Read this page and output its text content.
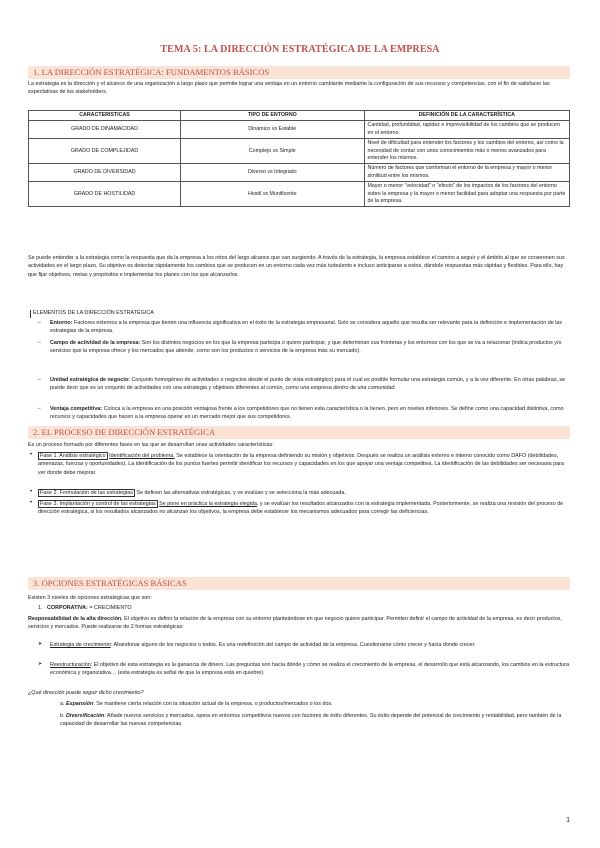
TEMA 5: LA DIRECCIÓN ESTRATÉGICA DE LA EMPRESA
1. LA DIRECCIÓN ESTRATÉGICA: FUNDAMENTOS BÁSICOS
La estrategia es la dirección y el alcance de una organización a largo plazo que permite lograr una ventaja en un entorno cambiante mediante la configuración de sus recursos y competencias, con el fin de satisfacer las expectativas de los stakeholders.
CARACTERISTICAS	TIPO DE ENTORNO	DEFINICIÓN DE LA CARACTERÍSTICA
GRADO DE DINAMACIDAD	Dinámico vs Estable	Cantidad, profundidad, rapidez e imprevisibilidad de los cambios que se producen en el entorno.
GRADO DE COMPLEJIDAD	Complejo vs Simple	Nivel de dificultad para entender los factores y los cambios del entorno, así como la necesidad de contar con unos conocimientos más o menos avanzados para entender los mismos.
GRADO DE DIVERSIDAD	Diverso vs Integrado	Número de factores que conforman el entorno de la empresa y mayor o menor similitud entre los mismos.
GRADO DE HOSTILIDAD	Hostil vs Munificente	Mayor o menor "velocidad" o "efecto" de los impactos de los factores del entorno sobre la empresa y la mayor o menor facilidad para adoptar una respuesta por parte de la empresa.
Se puede entender a la estrategia como la respuesta que da la empresa a los retos del largo alcance que van surgiendo. A través de la estrategia, la empresa establece el camino a seguir y el ámbito al que se corserenen sus actividades en el largo plazo. Su objetivo es detectar rápidamente los cambios que se producen en un entorno cada vez más turbulento e incluso anticiparse a estos, dándole respuestas más rápidas y flexibles. Para ello, hay que fijar objetivos, metas y propósitos e implementar los planes con los que alcanzarlos.
ELEMENTOS DE LA DIRECCIÓN ESTRATÉGICA
→ Entorno: Factores externos a la empresa que tienen una influencia significativa en el éxito de la estrategia empresarial. Solo se considera aquello que resulta ser relevante para la definición e implementación de las estrategias de la empresa.
→ Campo de actividad de la empresa: Son los distintos negocios en los que la empresa participa o quiero participar, y que determinan sus fronteras y los entornos con los que se va a relacionar (indica productos y/o servicios que la empresa ofrece y los mercados que atiende, como son los productos o servicios de la empresa más su mercado).
→ Unidad estratégica de negocio: Conjunto homogéneo de actividades o negocios desde el punto de vista estratégico) para el cual es posible formular una estrategia común, y a la vez diferente. En otras palabras, se puede decir que es un conjunto de actividades con una estrategia y objetivos diferentes al común, como una empresa dentro de una comunidad.
→ Ventaja competitiva: Coloca a la empresa en una posición ventajosa frente a los competidores que no tienen esta característica o la tienen, pero en niveles inferiores. Se define como una capacidad distintiva, como recursos y capacidades que hacen a la empresa operar en un mercado mejor que sus competidores.
2. EL PROCESO DE DIRECCIÓN ESTRATÉGICA
Es un proceso formado por diferentes fases en las que se desarrollan unas actividades características:
•	Fase 1. Análisis estratégico Identificación del problema. Se establece la orientación de la empresa definiendo su misión y objetivos. Después se realiza un análisis externo e interno conocido como DAFO (debilidades, amenazas, fuerzas y oportunidades). La identificación de los puntos fuertes permitir identificar los recursos y capacidades en los que apoyar una ventaja competitiva. La identificación de las debilidades ser necesaria para ver donde debe mejorar.
•	Fase 2. Formulación de las estrategias Se definen las alternativas estratégicas, y se evalúan y se selecciona la más adecuada.
•	Fase 3. Implantación y control de las estrategias Se pone en práctica la estrategia elegida, y se evalúan los resultados alcanzados con la estrategia implementada. Posteriormente, se realiza una revisión del proceso de dirección estratégica, si los resultados alcanzados no alcanzan los objetivos, la empresa debe establecer los mecanismos adecuados para corregir las deficiencias.
3. OPCIONES ESTRATÉGICAS BÁSICAS
Existen 3 niveles de opciones estratégicas que son:
1. CORPORATIVA: = CRECIMIENTO
Responsabilidad de la alta dirección. El objetivo es definir la relación de la empresa con su entorno planteándose en que negocio quiere participar. Permiten definir el campo de actividad de la empresa, es decir productos, servicios y mercados. Puede realizarse de 2 formas estratégicas:
➤ Estrategia de crecimiento: Abandonar alguno de los negocios o todos. Es una redefinición del campo de actividad de la empresa. Cuestionarse cómo crecer y hacia donde crecer.
➤ Reestructuración: El objetivo de esta estrategia es la ganancia de dinero. Las preguntas son hacia dónde y cómo se realiza el crecimiento de la empresa, el desarrollo que está alcanzando, los cambios en la estructura económica y organizativa… (esta estrategia es señal de que la empresa está en quiebre).
¿Qué dirección puede seguir dicho crecimiento?
a. Expansión: Se mantiene cierta relación con la situación actual de la empresa, o productos/mercados o los dos.
b. Diversificación: Añade nuevos servicios y mercados, opera en entornos competitivos nuevos con factores de éxito diferentes. Su éxito depende del potencial de crecimiento y rentabilidad, pero también de la capacidad de desarrollar las nuevas competencias.
1
